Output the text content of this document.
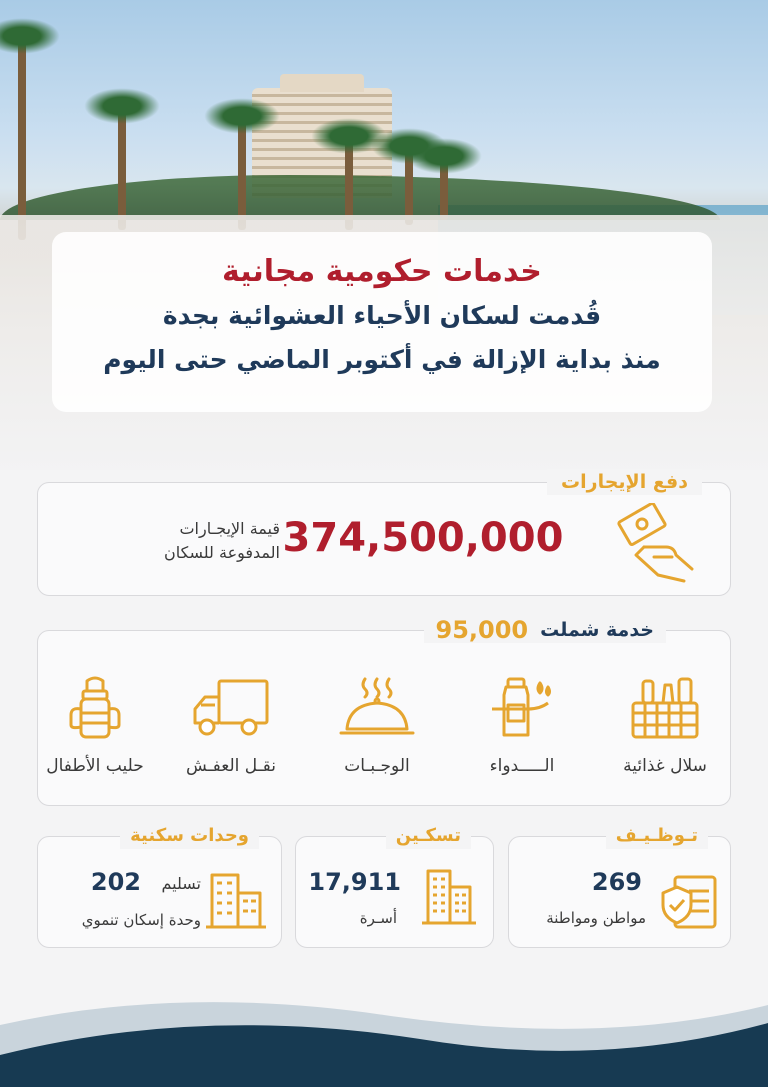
خدمات حكومية مجانية
قُدمت لسكان الأحياء العشوائية بجدة
منذ بداية الإزالة في أكتوبر الماضي حتى اليوم
دفع الإيجارات
374,500,000
قيمة الإيجـارات
المدفوعة للسكان
خدمة شملت
95,000
سلال غذائية
الـــــدواء
الوجـبـات
نقـل العفـش
حليب الأطفال
تـوظـيـف
269
مواطن ومواطنة
تسكـين
17,911
أسـرة
وحدات سكنية
202 تسليم
وحدة إسكان تنموي
